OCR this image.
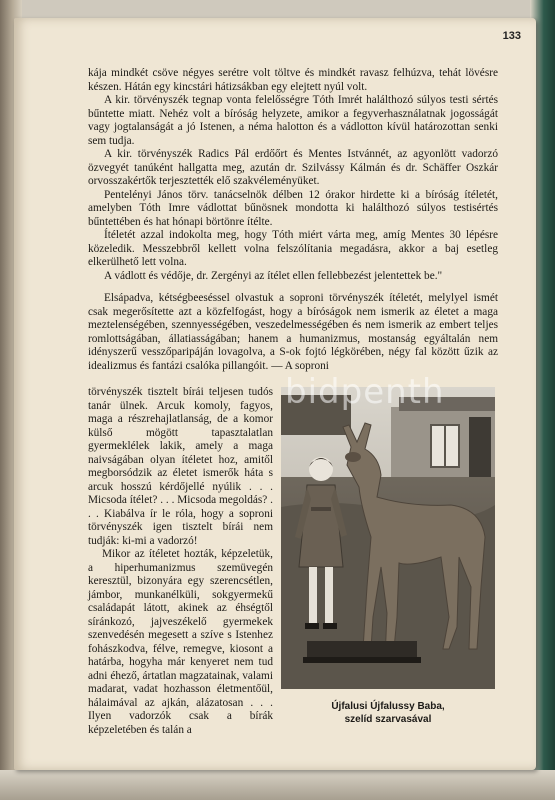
133

kája mindkét csöve négyes serétre volt töltve és mindkét ravasz felhúzva, tehát lövésre készen. Hátán egy kincstári hátizsákban egy elejtett nyúl volt.

A kir. törvényszék tegnap vonta felelősségre Tóth Imrét halálthozó súlyos testi sértés bűntette miatt. Nehéz volt a bíróság helyzete, amikor a fegyverhasználatnak jogosságát vagy jogtalanságát a jó Istenen, a néma halotton és a vádlotton kívül határozottan senki sem tudja.

A kir. törvényszék Radics Pál erdőőrt és Mentes Istvánnét, az agyonlött vadorzó özvegyét tanúként hallgatta meg, azután dr. Szilvássy Kálmán és dr. Schäffer Oszkár orvosszakértők terjesztették elő szakvéleményüket.

Pentelényi János törv. tanácselnök délben 12 órakor hirdette ki a bíróság ítéletét, amelyben Tóth Imre vádlottat bűnösnek mondotta ki halálthozó súlyos testisértés bűntettében és hat hónapi börtönre ítélte.

Ítéletét azzal indokolta meg, hogy Tóth miért várta meg, amíg Mentes 30 lépésre közeledik. Messzebbről kellett volna felszólítania megadásra, akkor a baj esetleg elkerülhető lett volna.

A vádlott és védője, dr. Zergényi az ítélet ellen fellebbezést jelentettek be."

Elsápadva, kétségbeeséssel olvastuk a soproni törvényszék ítéletét, melylyel ismét csak megerősítette azt a közfelfogást, hogy a bíróságok nem ismerik az életet a maga meztelenségében, szennyességében, veszedelmességében és nem ismerik az embert teljes romlottságában, állatiasságában; hanem a humanizmus, mostanság egyáltalán nem idényszerű vesszőparipáján lovagolva, a S-ok fojtó légkörében, négy fal között űzik az idealizmus és fantázi csalóka pillangóit. — A soproni

törvényszék tisztelt bírái teljesen tudós tanár ülnek. Arcuk komoly, fagyos, maga a részrehajlatlanság, de a komor külső mögött tapasztalatlan gyermeklélek lakik, amely a maga naivságában olyan ítéletet hoz, amitől megborsódzik az életet ismerők háta s arcuk hosszú kérdőjellé nyúlik . . . Micsoda ítélet? . . . Micsoda megoldás? . . . Kiabálva ír le róla, hogy a soproni törvényszék igen tisztelt bírái nem tudják: ki-mi a vadorzó!

Mikor az ítéletet hozták, képzeletük, a hiperhumanizmus szemüvegén keresztül, bizonyára egy szerencsétlen, jámbor, munkanélküli, sokgyermekű családapát látott, akinek az éhségtől síránkozó, jajveszékelő gyermekek szenvedésén megesett a szíve s Istenhez fohászkodva, félve, remegve, kiosont a határba, hogyha már kenyeret nem tud adni éhező, ártatlan magzatainak, valami madarat, vadat hozhasson életmentőül, hálaimával az ajkán, alázatosan . . . Ilyen vadorzók csak a bírák képzeletében és talán a

bidpenth
Újfalusi Újfalussy Baba,
szelíd szarvasával
